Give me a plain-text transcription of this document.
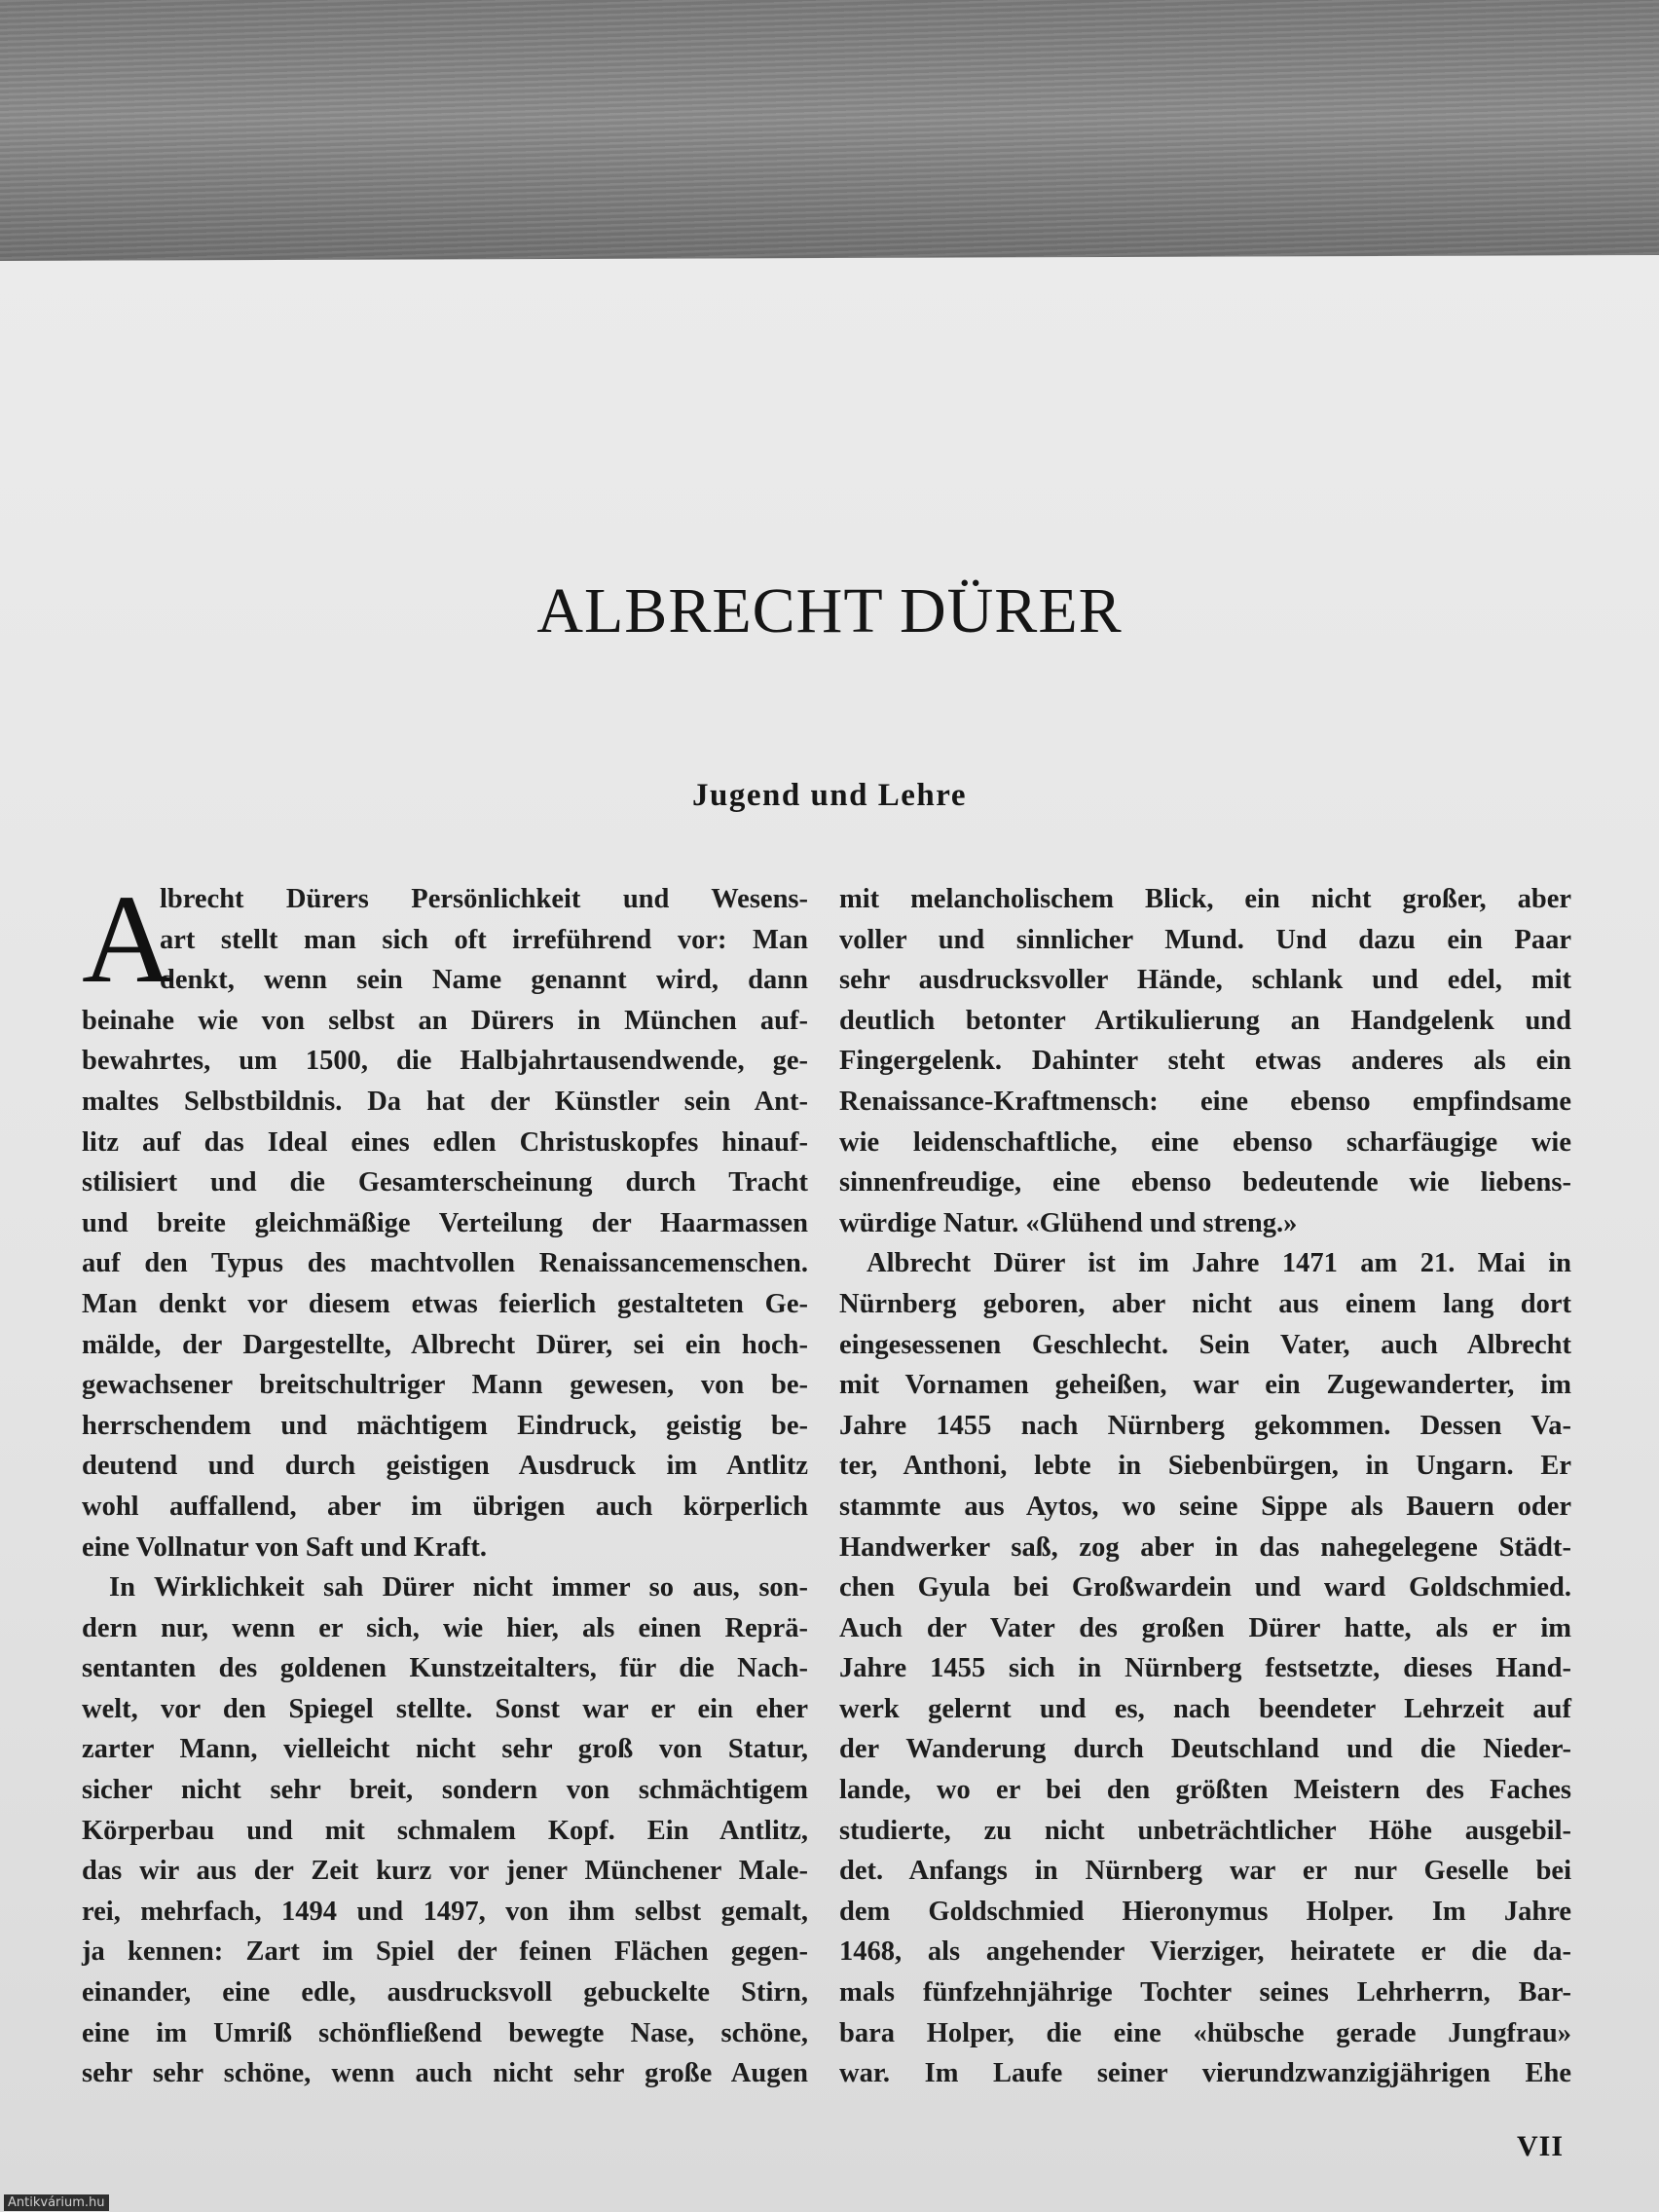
ALBRECHT DÜRER
Jugend und Lehre
A
lbrecht Dürers Persönlichkeit und Wesens-
art stellt man sich oft irreführend vor: Man
denkt, wenn sein Name genannt wird, dann
beinahe wie von selbst an Dürers in München auf-
bewahrtes, um 1500, die Halbjahrtausendwende, ge-
maltes Selbstbildnis. Da hat der Künstler sein Ant-
litz auf das Ideal eines edlen Christuskopfes hinauf-
stilisiert und die Gesamterscheinung durch Tracht
und breite gleichmäßige Verteilung der Haarmassen
auf den Typus des machtvollen Renaissancemenschen.
Man denkt vor diesem etwas feierlich gestalteten Ge-
mälde, der Dargestellte, Albrecht Dürer, sei ein hoch-
gewachsener breitschultriger Mann gewesen, von be-
herrschendem und mächtigem Eindruck, geistig be-
deutend und durch geistigen Ausdruck im Antlitz
wohl auffallend, aber im übrigen auch körperlich
eine Vollnatur von Saft und Kraft.
In Wirklichkeit sah Dürer nicht immer so aus, son-
dern nur, wenn er sich, wie hier, als einen Reprä-
sentanten des goldenen Kunstzeitalters, für die Nach-
welt, vor den Spiegel stellte. Sonst war er ein eher
zarter Mann, vielleicht nicht sehr groß von Statur,
sicher nicht sehr breit, sondern von schmächtigem
Körperbau und mit schmalem Kopf. Ein Antlitz,
das wir aus der Zeit kurz vor jener Münchener Male-
rei, mehrfach, 1494 und 1497, von ihm selbst gemalt,
ja kennen: Zart im Spiel der feinen Flächen gegen-
einander, eine edle, ausdrucksvoll gebuckelte Stirn,
eine im Umriß schönfließend bewegte Nase, schöne,
sehr sehr schöne, wenn auch nicht sehr große Augen
mit melancholischem Blick, ein nicht großer, aber
voller und sinnlicher Mund. Und dazu ein Paar
sehr ausdrucksvoller Hände, schlank und edel, mit
deutlich betonter Artikulierung an Handgelenk und
Fingergelenk. Dahinter steht etwas anderes als ein
Renaissance-Kraftmensch: eine ebenso empfindsame
wie leidenschaftliche, eine ebenso scharfäugige wie
sinnenfreudige, eine ebenso bedeutende wie liebens-
würdige Natur. «Glühend und streng.»
Albrecht Dürer ist im Jahre 1471 am 21. Mai in
Nürnberg geboren, aber nicht aus einem lang dort
eingesessenen Geschlecht. Sein Vater, auch Albrecht
mit Vornamen geheißen, war ein Zugewanderter, im
Jahre 1455 nach Nürnberg gekommen. Dessen Va-
ter, Anthoni, lebte in Siebenbürgen, in Ungarn. Er
stammte aus Aytos, wo seine Sippe als Bauern oder
Handwerker saß, zog aber in das nahegelegene Städt-
chen Gyula bei Großwardein und ward Goldschmied.
Auch der Vater des großen Dürer hatte, als er im
Jahre 1455 sich in Nürnberg festsetzte, dieses Hand-
werk gelernt und es, nach beendeter Lehrzeit auf
der Wanderung durch Deutschland und die Nieder-
lande, wo er bei den größten Meistern des Faches
studierte, zu nicht unbeträchtlicher Höhe ausgebil-
det. Anfangs in Nürnberg war er nur Geselle bei
dem Goldschmied Hieronymus Holper. Im Jahre
1468, als angehender Vierziger, heiratete er die da-
mals fünfzehnjährige Tochter seines Lehrherrn, Bar-
bara Holper, die eine «hübsche gerade Jungfrau»
war. Im Laufe seiner vierundzwanzigjährigen Ehe
VII
Antikvárium.hu
